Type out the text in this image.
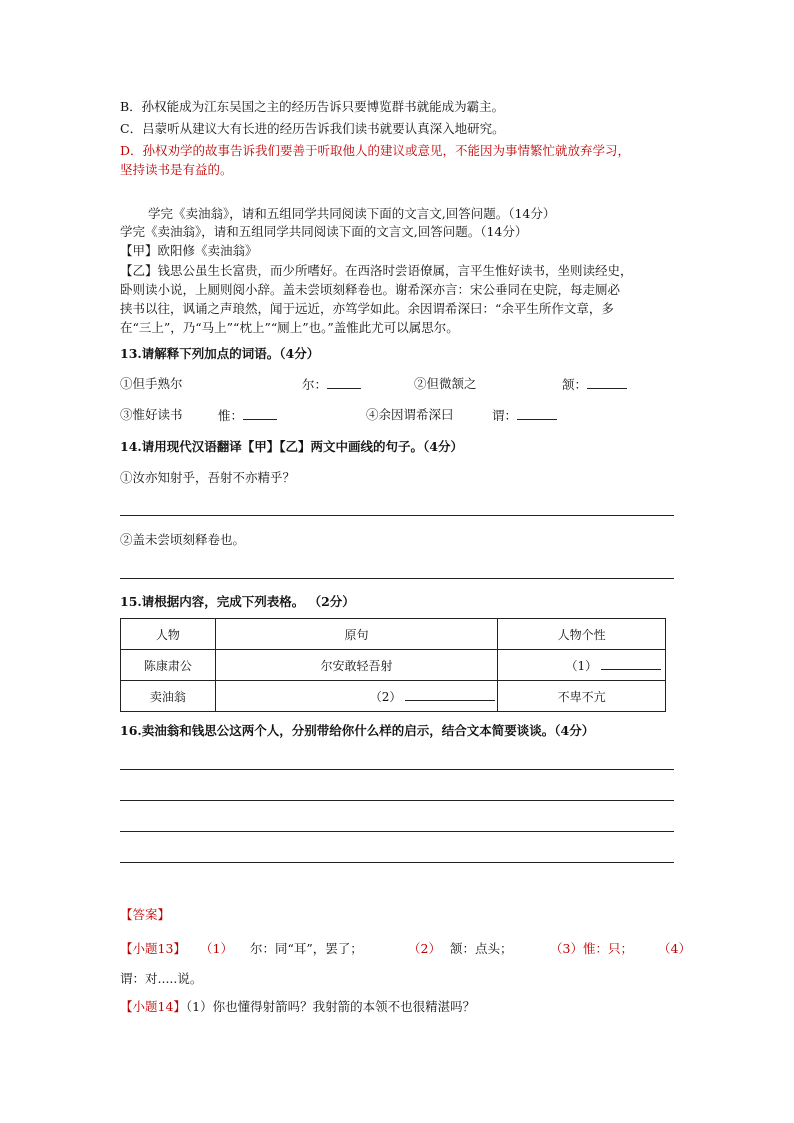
B．孙权能成为江东吴国之主的经历告诉只要博览群书就能成为霸主。
C．吕蒙听从建议大有长进的经历告诉我们读书就要认真深入地研究。
D．孙权劝学的故事告诉我们要善于听取他人的建议或意见，不能因为事情繁忙就放弃学习，
坚持读书是有益的。
学完《卖油翁》，请和五组同学共同阅读下面的文言文,回答问题。（14分）
学完《卖油翁》，请和五组同学共同阅读下面的文言文,回答问题。（14分）
【甲】欧阳修《卖油翁》
【乙】钱思公虽生长富贵，而少所嗜好。在西洛时尝语僚属，言平生惟好读书，坐则读经史，
卧则读小说，上厕则阅小辞。盖未尝顷刻释卷也。谢希深亦言：宋公垂同在史院，每走厕必
挟书以往，讽诵之声琅然，闻于远近，亦笃学如此。余因谓希深曰：“余平生所作文章，多
在“三上”，乃“马上”“枕上”“厕上”也。”盖惟此尤可以属思尔。
13.请解释下列加点的词语。（4分）
①但手熟尔	尔：	②但微颔之	颔：
③惟好读书	惟：	④余因谓希深曰	谓：
14.请用现代汉语翻译【甲】【乙】两文中画线的句子。（4分）
①汝亦知射乎，吾射不亦精乎？
②盖未尝顷刻释卷也。
15.请根据内容，完成下列表格。 （2分）
人物	原句	人物个性
陈康肃公	尔安敢轻吾射	（1）
卖油翁	（2）	不卑不亢
16.卖油翁和钱思公这两个人，分别带给你什么样的启示，结合文本简要谈谈。（4分）
【答案】
【小题13】 （1） 尔：同“耳”，罢了；	（2） 颔：点头；	（3）惟：只； （4）
谓：对.....说。
【小题14】（1）你也懂得射箭吗？我射箭的本领不也很精湛吗？
